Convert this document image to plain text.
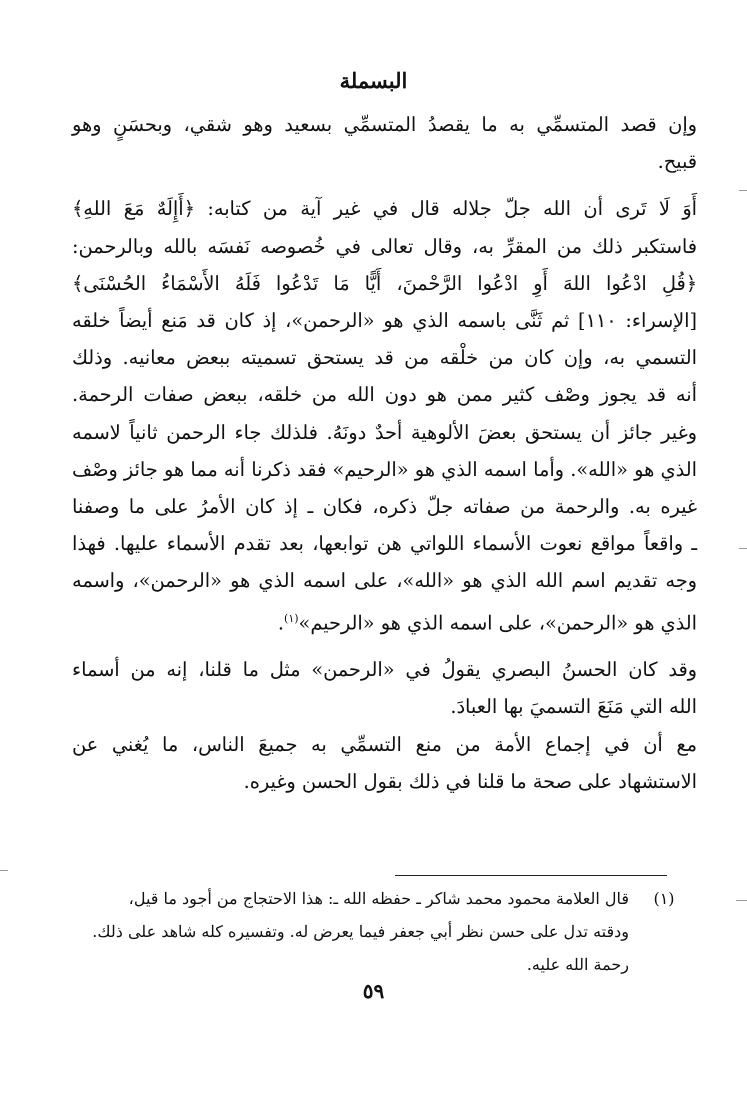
البسملة

وإن قصد المتسمِّي به ما يقصدُ المتسمِّي بسعيد وهو شقي، وبحسَنٍ وهو
قبيح.

أَوَ لَا تَرى أن الله جلّ جلاله قال في غير آية من كتابه: ﴿أَإِلَهٌ مَعَ اللهِ﴾
فاستكبر ذلك من المقرِّ به، وقال تعالى في خُصوصه نَفسَه بالله وبالرحمن:
﴿قُلِ ادْعُوا اللهَ أَوِ ادْعُوا الرَّحْمنَ، أَيًّا مَا تَدْعُوا فَلَهُ الأَسْمَاءُ الحُسْنَى﴾
[الإسراء: ١١٠] ثم ثَنَّى باسمه الذي هو «الرحمن»، إذ كان قد مَنع أيضاً خلقه
التسمي به، وإن كان من خلْقه من قد يستحق تسميته ببعض معانيه. وذلك
أنه قد يجوز وصْف كثير ممن هو دون الله من خلقه، ببعض صفات الرحمة.
وغير جائز أن يستحق بعضَ الألوهية أحدٌ دونَهُ. فلذلك جاء الرحمن ثانياً لاسمه
الذي هو «الله». وأما اسمه الذي هو «الرحيم» فقد ذكرنا أنه مما هو جائز وصْف
غيره به. والرحمة من صفاته جلّ ذكره، فكان ـ إذ كان الأمرُ على ما وصفنا
ـ واقعاً مواقع نعوت الأسماء اللواتي هن توابعها، بعد تقدم الأسماء عليها. فهذا
وجه تقديم اسم الله الذي هو «الله»، على اسمه الذي هو «الرحمن»، واسمه
الذي هو «الرحمن»، على اسمه الذي هو «الرحيم»$^{(١)}$.

وقد كان الحسنُ البصري يقولُ في «الرحمن» مثل ما قلنا، إنه من أسماء
الله التي مَنَعَ التسميَ بها العبادَ.

مع أن في إجماع الأمة من منع التسمِّي به جميعَ الناس، ما يُغني عن
الاستشهاد على صحة ما قلنا في ذلك بقول الحسن وغيره.

(١)
قال العلامة محمود محمد شاكر ـ حفظه الله ـ: هذا الاحتجاج من أجود ما قيل،
ودقته تدل على حسن نظر أبي جعفر فيما يعرض له. وتفسيره كله شاهد على ذلك.
رحمة الله عليه.
٥٩
